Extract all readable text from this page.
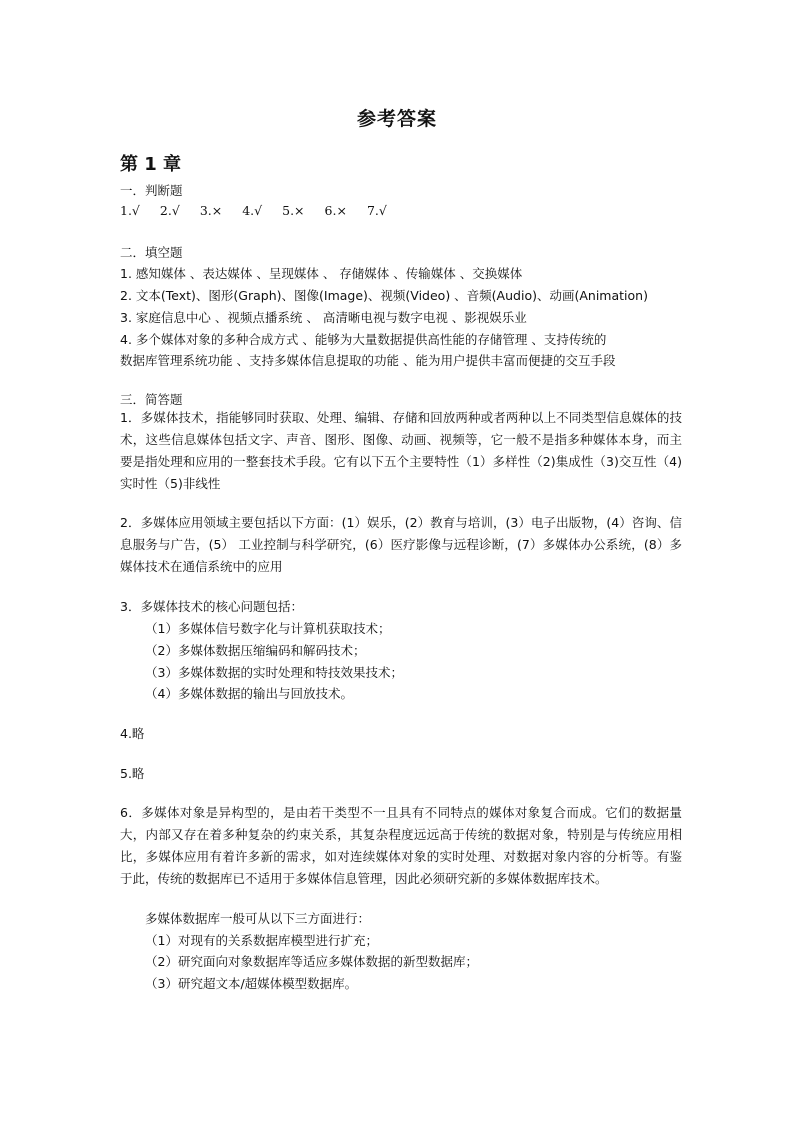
参考答案
第 1 章
一．判断题
1.√ 2.√ 3.× 4.√ 5.× 6.× 7.√
二．填空题
1. 感知媒体 、表达媒体 、呈现媒体 、 存储媒体 、传输媒体 、交换媒体
2. 文本(Text)、图形(Graph)、图像(Image)、视频(Video) 、音频(Audio)、动画(Animation)
3. 家庭信息中心 、视频点播系统 、 高清晰电视与数字电视 、影视娱乐业
4. 多个媒体对象的多种合成方式 、能够为大量数据提供高性能的存储管理 、支持传统的
数据库管理系统功能 、支持多媒体信息提取的功能 、能为用户提供丰富而便捷的交互手段
三．简答题
1．多媒体技术，指能够同时获取、处理、编辑、存储和回放两种或者两种以上不同类型信息媒体的技术，这些信息媒体包括文字、声音、图形、图像、动画、视频等，它一般不是指多种媒体本身，而主要是指处理和应用的一整套技术手段。它有以下五个主要特性（1）多样性（2)集成性（3)交互性（4)实时性（5)非线性
2．多媒体应用领域主要包括以下方面：(1）娱乐，(2）教育与培训，(3）电子出版物，(4）咨询、信息服务与广告，(5） 工业控制与科学研究，(6）医疗影像与远程诊断，(7）多媒体办公系统，(8）多媒体技术在通信系统中的应用
3．多媒体技术的核心问题包括：
（1）多媒体信号数字化与计算机获取技术；
（2）多媒体数据压缩编码和解码技术；
（3）多媒体数据的实时处理和特技效果技术；
（4）多媒体数据的输出与回放技术。
4.略
5.略
6．多媒体对象是异构型的，是由若干类型不一且具有不同特点的媒体对象复合而成。它们的数据量大，内部又存在着多种复杂的约束关系，其复杂程度远远高于传统的数据对象，特别是与传统应用相比，多媒体应用有着许多新的需求，如对连续媒体对象的实时处理、对数据对象内容的分析等。有鉴于此，传统的数据库已不适用于多媒体信息管理，因此必须研究新的多媒体数据库技术。
多媒体数据库一般可从以下三方面进行：
（1）对现有的关系数据库模型进行扩充；
（2）研究面向对象数据库等适应多媒体数据的新型数据库；
（3）研究超文本/超媒体模型数据库。
